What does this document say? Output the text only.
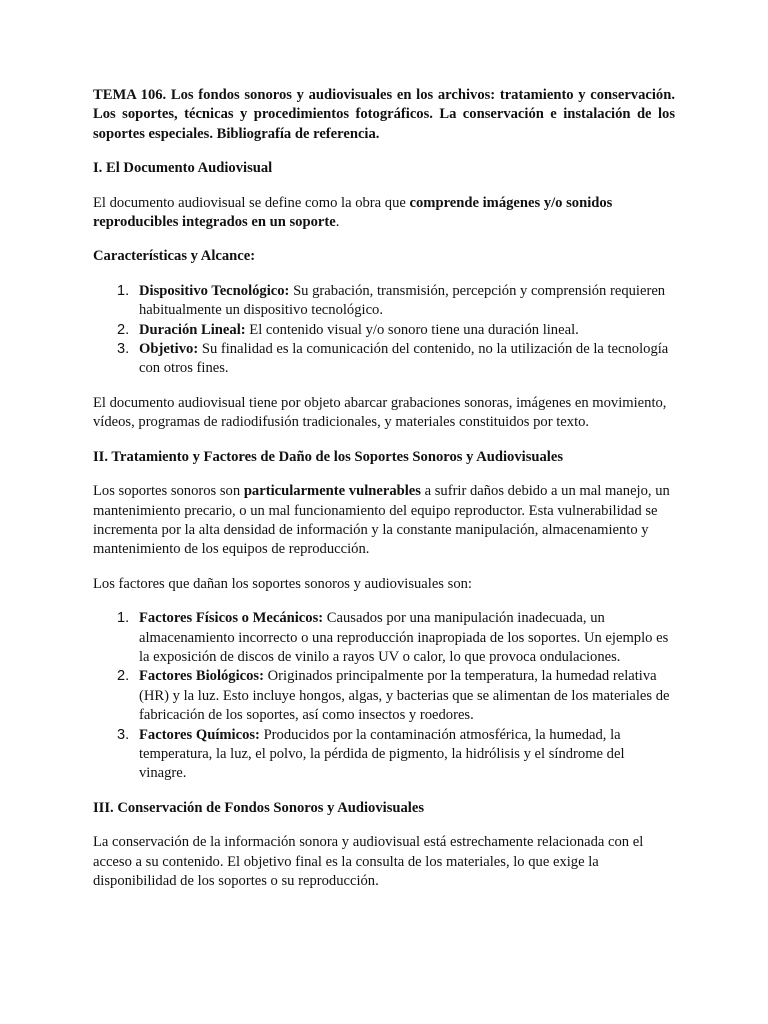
TEMA 106. Los fondos sonoros y audiovisuales en los archivos: tratamiento y conservación. Los soportes, técnicas y procedimientos fotográficos. La conservación e instalación de los soportes especiales. Bibliografía de referencia.

I. El Documento Audiovisual

El documento audiovisual se define como la obra que comprende imágenes y/o sonidos reproducibles integrados en un soporte.

Características y Alcance:

1. Dispositivo Tecnológico: Su grabación, transmisión, percepción y comprensión requieren habitualmente un dispositivo tecnológico.
2. Duración Lineal: El contenido visual y/o sonoro tiene una duración lineal.
3. Objetivo: Su finalidad es la comunicación del contenido, no la utilización de la tecnología con otros fines.

El documento audiovisual tiene por objeto abarcar grabaciones sonoras, imágenes en movimiento, vídeos, programas de radiodifusión tradicionales, y materiales constituidos por texto.

II. Tratamiento y Factores de Daño de los Soportes Sonoros y Audiovisuales

Los soportes sonoros son particularmente vulnerables a sufrir daños debido a un mal manejo, un mantenimiento precario, o un mal funcionamiento del equipo reproductor. Esta vulnerabilidad se incrementa por la alta densidad de información y la constante manipulación, almacenamiento y mantenimiento de los equipos de reproducción.

Los factores que dañan los soportes sonoros y audiovisuales son:

1. Factores Físicos o Mecánicos: Causados por una manipulación inadecuada, un almacenamiento incorrecto o una reproducción inapropiada de los soportes. Un ejemplo es la exposición de discos de vinilo a rayos UV o calor, lo que provoca ondulaciones.
2. Factores Biológicos: Originados principalmente por la temperatura, la humedad relativa (HR) y la luz. Esto incluye hongos, algas, y bacterias que se alimentan de los materiales de fabricación de los soportes, así como insectos y roedores.
3. Factores Químicos: Producidos por la contaminación atmosférica, la humedad, la temperatura, la luz, el polvo, la pérdida de pigmento, la hidrólisis y el síndrome del vinagre.
III. Conservación de Fondos Sonoros y Audiovisuales

La conservación de la información sonora y audiovisual está estrechamente relacionada con el acceso a su contenido. El objetivo final es la consulta de los materiales, lo que exige la disponibilidad de los soportes o su reproducción.
